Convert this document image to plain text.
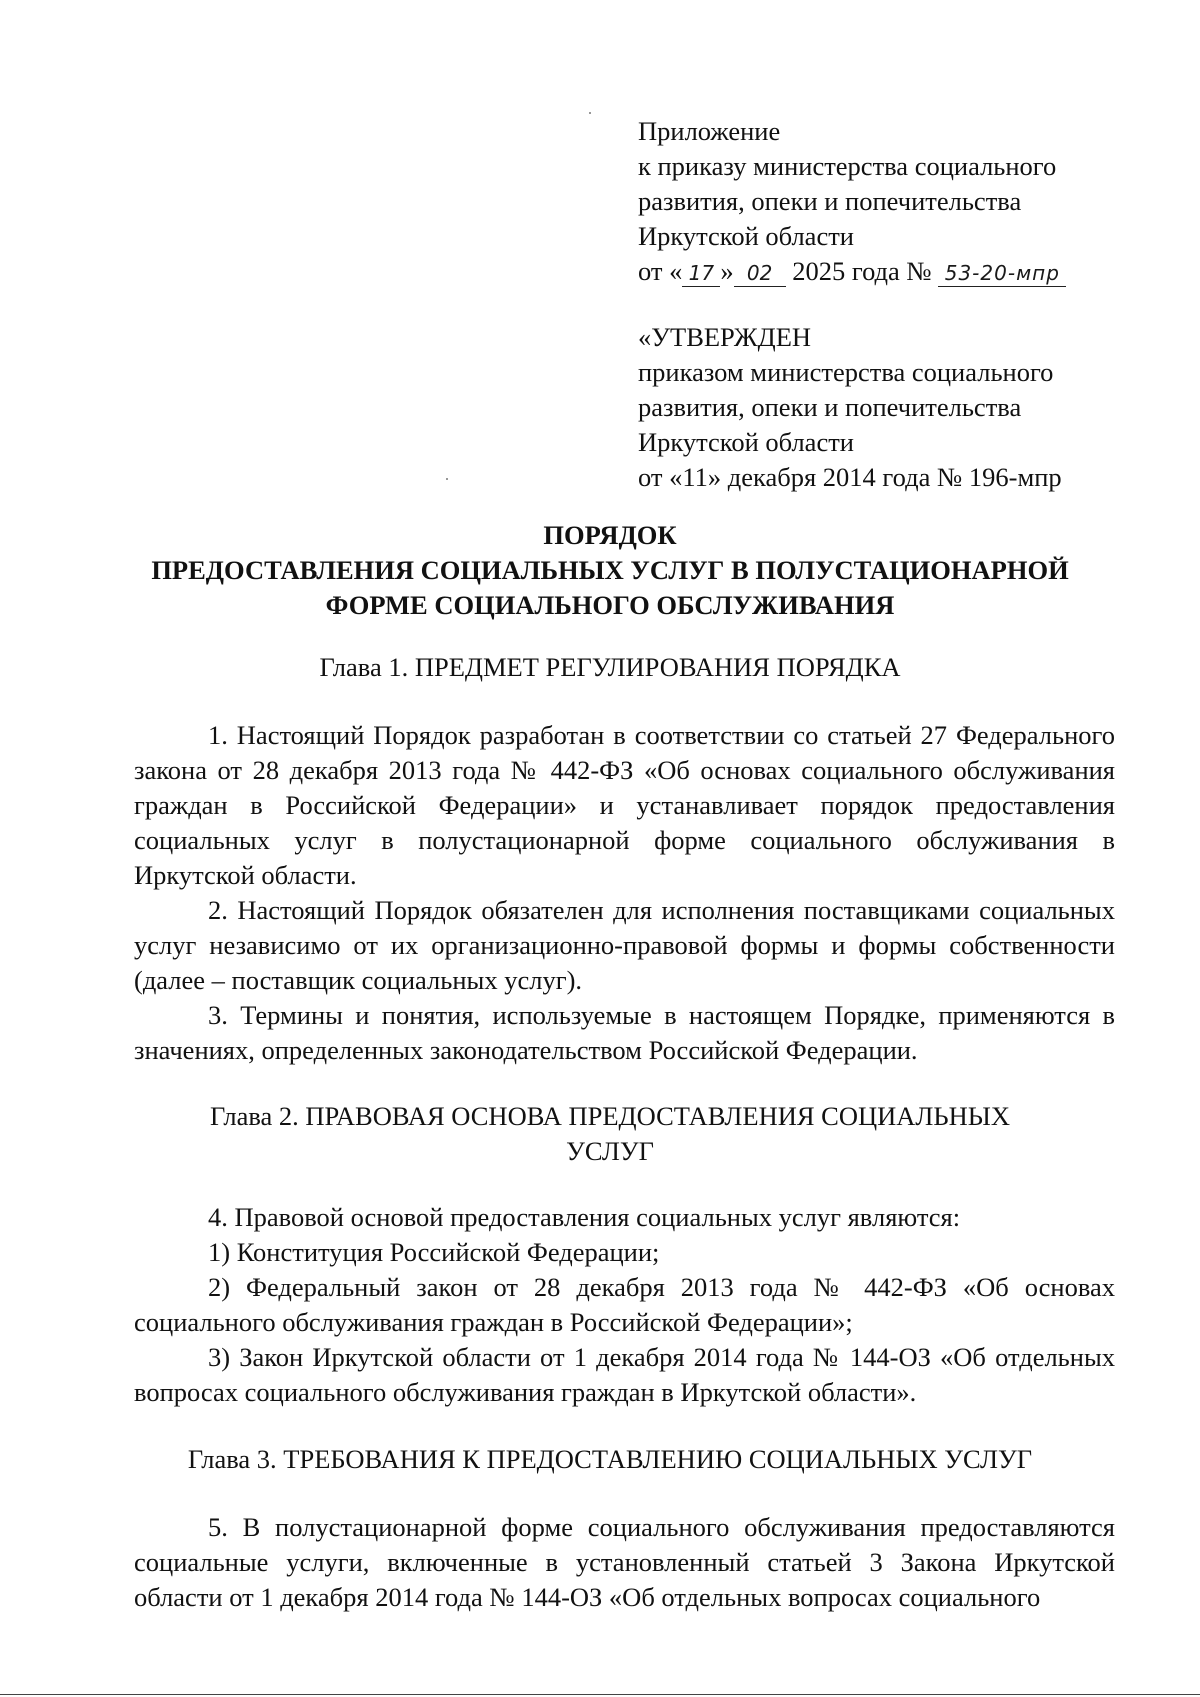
Приложение
к приказу министерства социального
развития, опеки и попечительства
Иркутской области
от « 17 » 02 2025 года № 53-20-мпр
«УТВЕРЖДЕН
приказом министерства социального
развития, опеки и попечительства
Иркутской области
от «11» декабря 2014 года № 196-мпр
ПОРЯДОК
ПРЕДОСТАВЛЕНИЯ СОЦИАЛЬНЫХ УСЛУГ В ПОЛУСТАЦИОНАРНОЙ
ФОРМЕ СОЦИАЛЬНОГО ОБСЛУЖИВАНИЯ
Глава 1. ПРЕДМЕТ РЕГУЛИРОВАНИЯ ПОРЯДКА
1. Настоящий Порядок разработан в соответствии со статьей 27 Федерального закона от 28 декабря 2013 года № 442-ФЗ «Об основах социального обслуживания граждан в Российской Федерации» и устанавливает порядок предоставления социальных услуг в полустационарной форме социального обслуживания в Иркутской области.
2. Настоящий Порядок обязателен для исполнения поставщиками социальных услуг независимо от их организационно-правовой формы и формы собственности (далее – поставщик социальных услуг).
3. Термины и понятия, используемые в настоящем Порядке, применяются в значениях, определенных законодательством Российской Федерации.
Глава 2. ПРАВОВАЯ ОСНОВА ПРЕДОСТАВЛЕНИЯ СОЦИАЛЬНЫХ
УСЛУГ
4. Правовой основой предоставления социальных услуг являются:
1) Конституция Российской Федерации;
2) Федеральный закон от 28 декабря 2013 года № 442-ФЗ «Об основах социального обслуживания граждан в Российской Федерации»;
3) Закон Иркутской области от 1 декабря 2014 года № 144-ОЗ «Об отдельных вопросах социального обслуживания граждан в Иркутской области».
Глава 3. ТРЕБОВАНИЯ К ПРЕДОСТАВЛЕНИЮ СОЦИАЛЬНЫХ УСЛУГ
5. В полустационарной форме социального обслуживания предоставляются социальные услуги, включенные в установленный статьей 3 Закона Иркутской области от 1 декабря 2014 года № 144-ОЗ «Об отдельных вопросах социального
